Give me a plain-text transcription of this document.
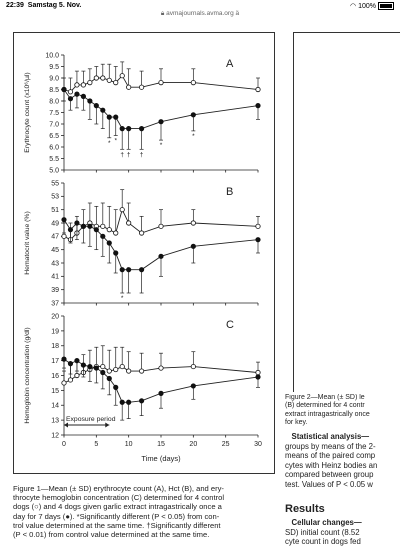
22:39 Samstag 5. Nov.	◠ 100%
🔒︎ avmajournals.avma.org ä
5.0
5.5
6.0
6.5
7.0
7.5
8.0
8.5
9.0
9.5
10.0
Erythrocyte count (x10⁶/µl)
A
* *
† † †
*
*
37
39
41
43
45
47
49
51
53
55
Hematocrit value (%)
B
*
12
13
14
15
16
17
18
19
20
Hemoglobin concentration (g/dl)
C
Exposure period
0	5	10	15	20	25	30
Time (days)
Figure 1—Mean (± SD) erythrocyte count (A), Hct (B), and ery-
throcyte hemoglobin concentration (C) determined for 4 control
dogs (○) and 4 dogs given garlic extract intragastrically once a
day for 7 days (●). *Significantly different (P < 0.05) from con-
trol value determined at the same time. †Significantly different
(P < 0.01) from control value determined at the same time.
Figure 2—Mean (± SD) le
(B) determined for 4 contr
extract intragastrically once
for key.
Statistical analysis—
groups by means of the 2-
means of the paired comp
cytes with Heinz bodies an
compared between group
test. Values of P < 0.05 w
Results
Cellular changes—
SD) initial count (8.52
cyte count in dogs fed
